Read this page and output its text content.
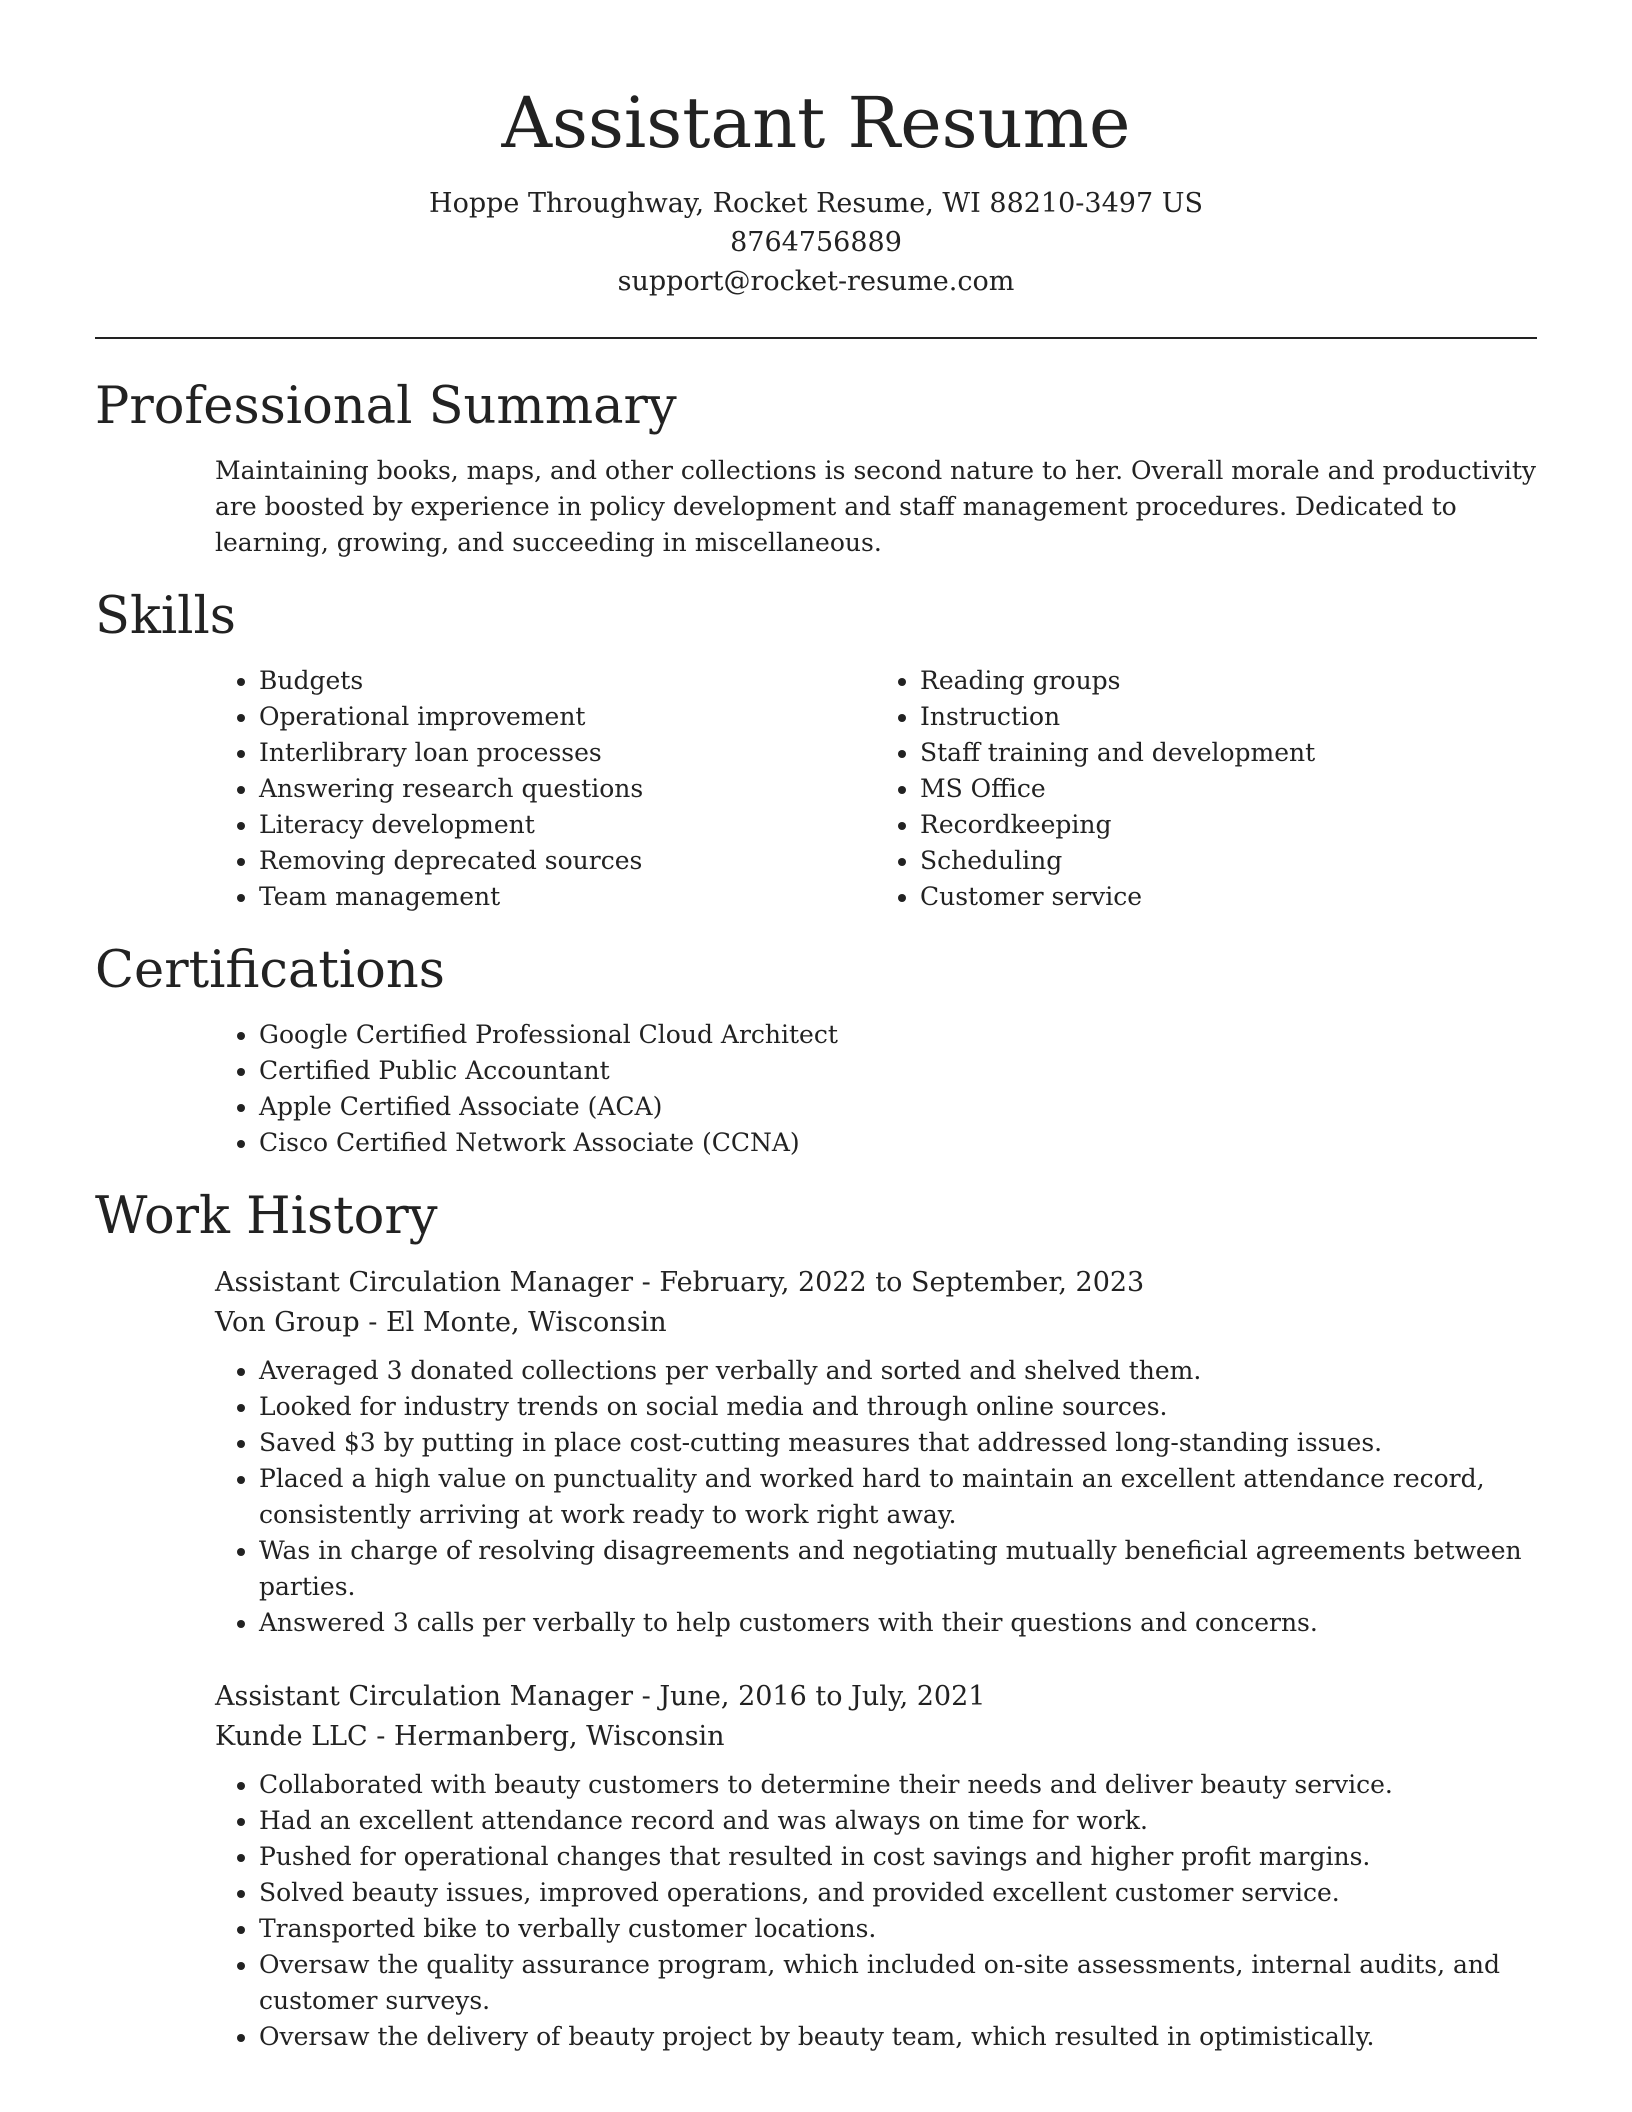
Assistant Resume
Hoppe Throughway, Rocket Resume, WI 88210-3497 US
8764756889
support@rocket-resume.com
Professional Summary

Maintaining books, maps, and other collections is second nature to her. Overall morale and productivity are boosted by experience in policy development and staff management procedures. Dedicated to learning, growing, and succeeding in miscellaneous.

Skills
• Budgets
• Operational improvement
• Interlibrary loan processes
• Answering research questions
• Literacy development
• Removing deprecated sources
• Team management
• Reading groups
• Instruction
• Staff training and development
• MS Office
• Recordkeeping
• Scheduling
• Customer service
Certifications
• Google Certified Professional Cloud Architect
• Certified Public Accountant
• Apple Certified Associate (ACA)
• Cisco Certified Network Associate (CCNA)
Work History
Assistant Circulation Manager - February, 2022 to September, 2023
Von Group - El Monte, Wisconsin
• Averaged 3 donated collections per verbally and sorted and shelved them.
• Looked for industry trends on social media and through online sources.
• Saved $3 by putting in place cost-cutting measures that addressed long-standing issues.
• Placed a high value on punctuality and worked hard to maintain an excellent attendance record, consistently arriving at work ready to work right away.
• Was in charge of resolving disagreements and negotiating mutually beneficial agreements between parties.
• Answered 3 calls per verbally to help customers with their questions and concerns.
Assistant Circulation Manager - June, 2016 to July, 2021
Kunde LLC - Hermanberg, Wisconsin
• Collaborated with beauty customers to determine their needs and deliver beauty service.
• Had an excellent attendance record and was always on time for work.
• Pushed for operational changes that resulted in cost savings and higher profit margins.
• Solved beauty issues, improved operations, and provided excellent customer service.
• Transported bike to verbally customer locations.
• Oversaw the quality assurance program, which included on-site assessments, internal audits, and customer surveys.
• Oversaw the delivery of beauty project by beauty team, which resulted in optimistically.
